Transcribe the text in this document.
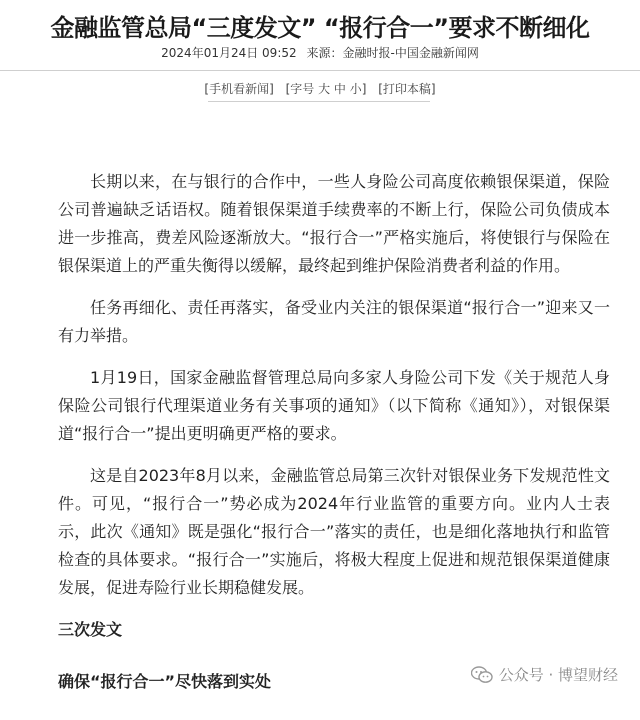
金融监管总局“三度发文” “报行合一”要求不断细化
2024年01月24日 09:52 来源：金融时报-中国金融新闻网
[手机看新闻] [字号 大 中 小] [打印本稿]

长期以来，在与银行的合作中，一些人身险公司高度依赖银保渠道，保险公司普遍缺乏话语权。随着银保渠道手续费率的不断上行，保险公司负债成本进一步推高，费差风险逐渐放大。“报行合一”严格实施后，将使银行与保险在银保渠道上的严重失衡得以缓解，最终起到维护保险消费者利益的作用。

任务再细化、责任再落实，备受业内关注的银保渠道“报行合一”迎来又一有力举措。

1月19日，国家金融监督管理总局向多家人身险公司下发《关于规范人身保险公司银行代理渠道业务有关事项的通知》（以下简称《通知》），对银保渠道“报行合一”提出更明确更严格的要求。

这是自2023年8月以来，金融监管总局第三次针对银保业务下发规范性文件。可见，“报行合一”势必成为2024年行业监管的重要方向。业内人士表示，此次《通知》既是强化“报行合一”落实的责任，也是细化落地执行和监管检查的具体要求。“报行合一”实施后，将极大程度上促进和规范银保渠道健康发展，促进寿险行业长期稳健发展。

三次发文
确保“报行合一”尽快落到实处	公众号 · 博望财经
